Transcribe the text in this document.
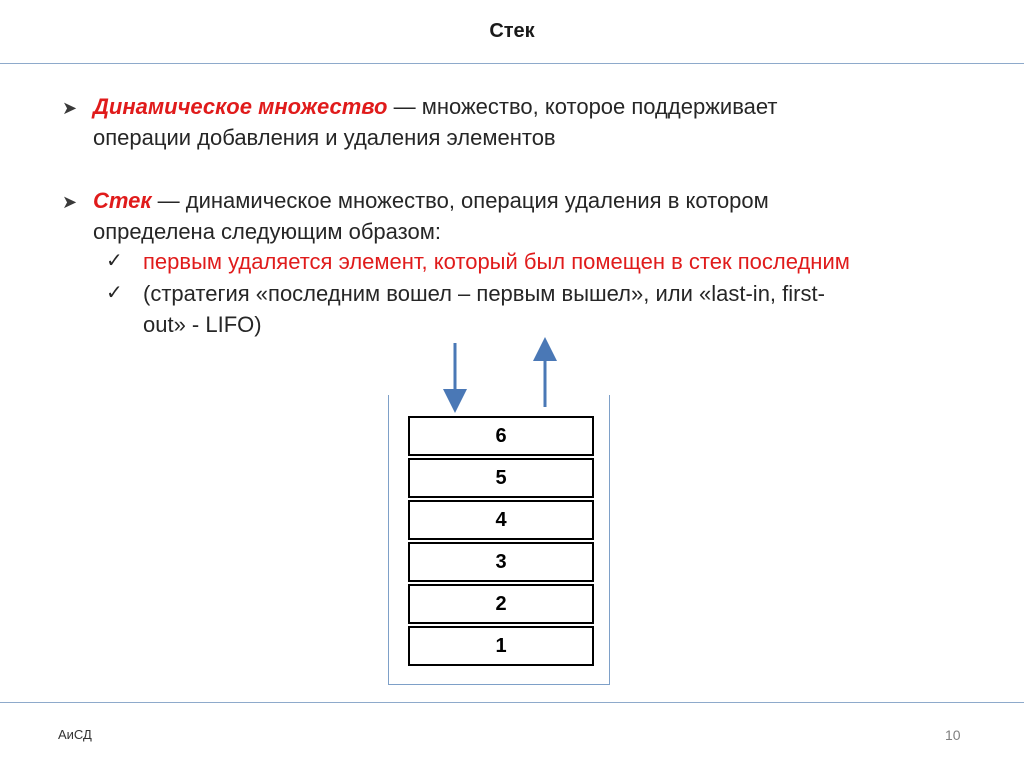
Стек
➤ Динамическое множество — множество, которое поддерживает
операции добавления и удаления элементов
➤ Стек — динамическое множество, операция удаления в котором
определена следующим образом:
✓ первым удаляется элемент, который был помещен в стек последним
✓ (стратегия «последним вошел – первым вышел», или «last-in, first-
out» - LIFO)
6
5
4
3
2
1
АиСД	10
